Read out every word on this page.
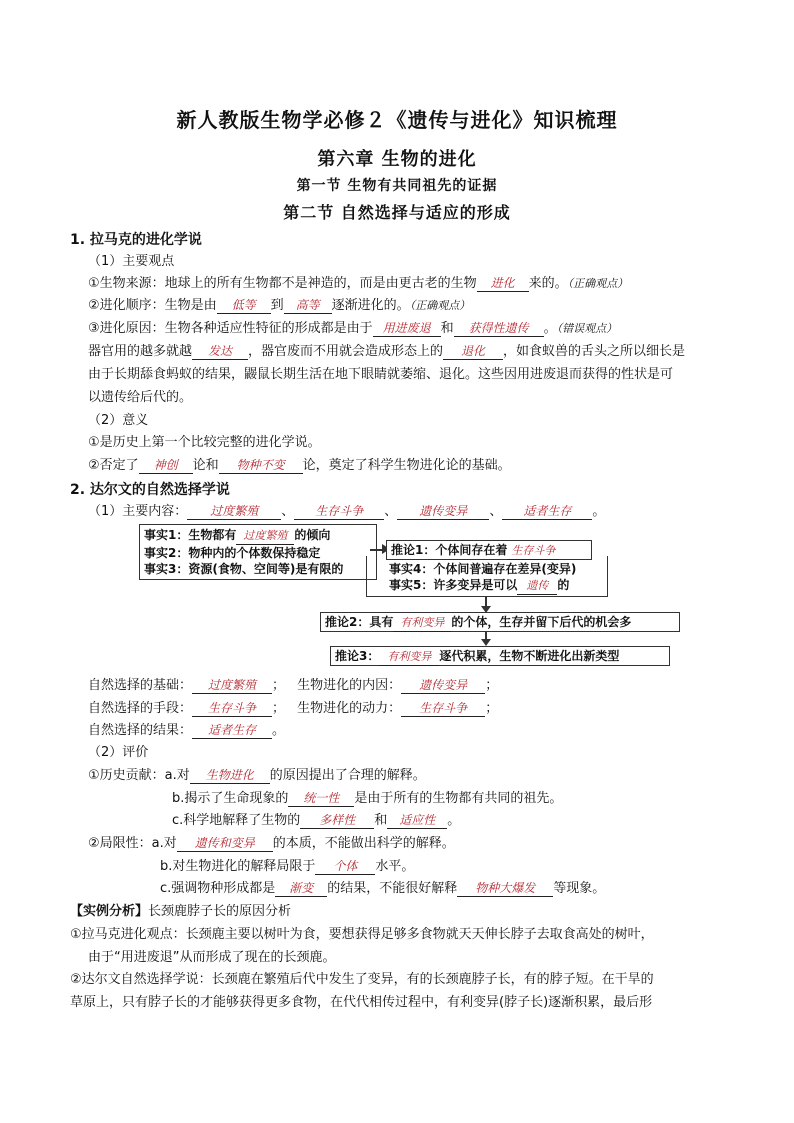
新人教版生物学必修２《遗传与进化》知识梳理
第六章 生物的进化
第一节 生物有共同祖先的证据
第二节 自然选择与适应的形成
1. 拉马克的进化学说
（1）主要观点
①生物来源：地球上的所有生物都不是神造的，而是由更古老的生物 进化 来的。（正确观点）
②进化顺序：生物是由 低等 到 高等 逐渐进化的。（正确观点）
③进化原因：生物各种适应性特征的形成都是由于 用进废退 和 获得性遗传 。（错误观点）
器官用的越多就越 发达 ，器官废而不用就会造成形态上的 退化 ，如食蚁兽的舌头之所以细长是
由于长期舔食蚂蚁的结果，鼹鼠长期生活在地下眼睛就萎缩、退化。这些因用进废退而获得的性状是可
以遗传给后代的。
（2）意义
①是历史上第一个比较完整的进化学说。
②否定了 神创 论和 物种不变 论，奠定了科学生物进化论的基础。
2. 达尔文的自然选择学说
（1）主要内容： 过度繁殖 、 生存斗争 、 遗传变异 、 适者生存 。
事实1：生物都有 过度繁殖 的倾向
事实2：物种内的个体数保持稳定
事实3：资源(食物、空间等)是有限的
推论1：个体间存在着 生存斗争
事实4：个体间普遍存在差异(变异)
事实5：许多变异是可以 遗传 的
推论2：具有 有利变异 的个体，生存并留下后代的机会多
推论3： 有利变异 逐代积累，生物不断进化出新类型
自然选择的基础： 过度繁殖 ； 生物进化的内因： 遗传变异 ；
自然选择的手段： 生存斗争 ； 生物进化的动力： 生存斗争 ；
自然选择的结果： 适者生存 。
（2）评价
①历史贡献：a.对 生物进化 的原因提出了合理的解释。
b.揭示了生命现象的 统一性 是由于所有的生物都有共同的祖先。
c.科学地解释了生物的 多样性 和 适应性 。
②局限性：a.对 遗传和变异 的本质，不能做出科学的解释。
b.对生物进化的解释局限于 个体 水平。
c.强调物种形成都是 渐变 的结果，不能很好解释 物种大爆发 等现象。
【实例分析】长颈鹿脖子长的原因分析
①拉马克进化观点：长颈鹿主要以树叶为食，要想获得足够多食物就天天伸长脖子去取食高处的树叶，
由于“用进废退”从而形成了现在的长颈鹿。
②达尔文自然选择学说：长颈鹿在繁殖后代中发生了变异，有的长颈鹿脖子长，有的脖子短。在干旱的
草原上，只有脖子长的才能够获得更多食物，在代代相传过程中，有利变异(脖子长)逐渐积累，最后形
